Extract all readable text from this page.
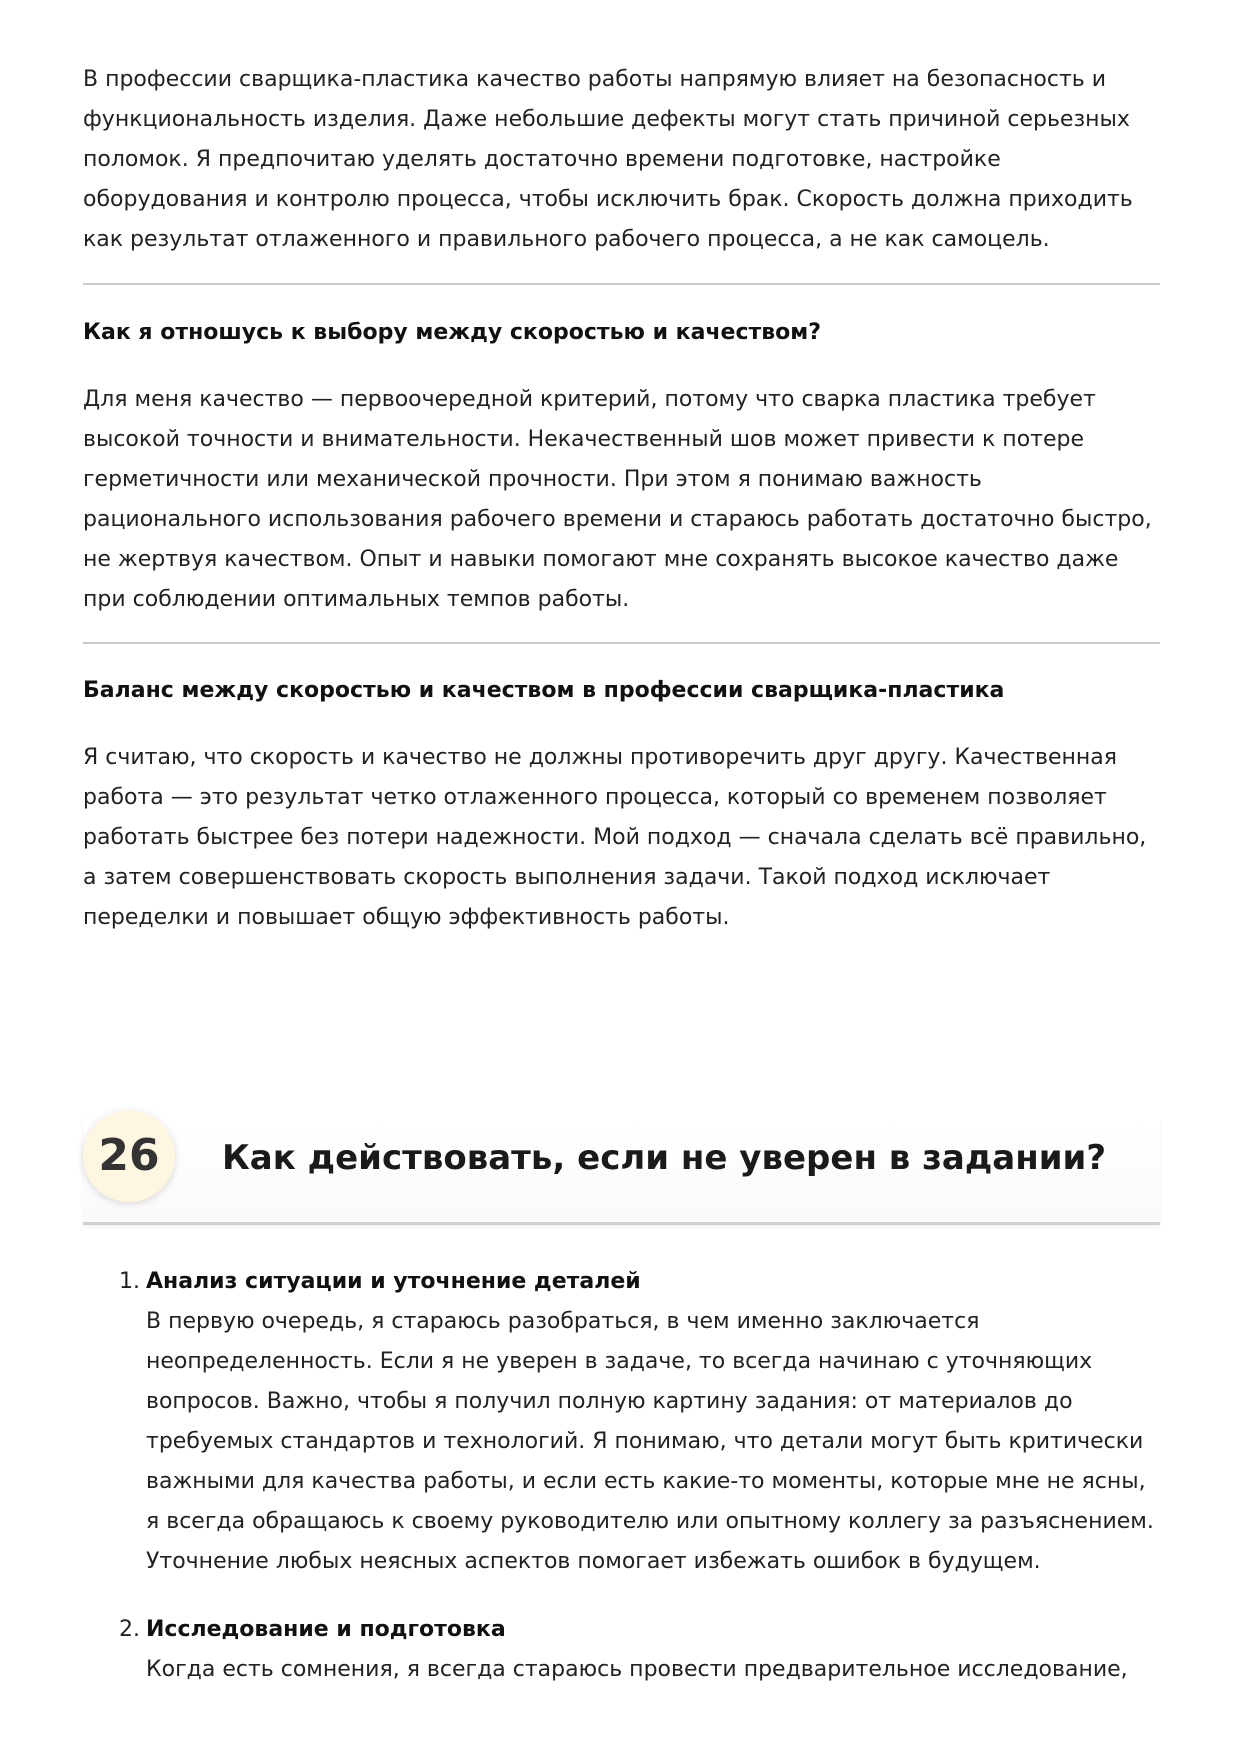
В профессии сварщика-пластика качество работы напрямую влияет на безопасность и функциональность изделия. Даже небольшие дефекты могут стать причиной серьезных поломок. Я предпочитаю уделять достаточно времени подготовке, настройке оборудования и контролю процесса, чтобы исключить брак. Скорость должна приходить как результат отлаженного и правильного рабочего процесса, а не как самоцель.

Как я отношусь к выбору между скоростью и качеством?

Для меня качество — первоочередной критерий, потому что сварка пластика требует высокой точности и внимательности. Некачественный шов может привести к потере герметичности или механической прочности. При этом я понимаю важность рационального использования рабочего времени и стараюсь работать достаточно быстро, не жертвуя качеством. Опыт и навыки помогают мне сохранять высокое качество даже при соблюдении оптимальных темпов работы.

Баланс между скоростью и качеством в профессии сварщика-пластика

Я считаю, что скорость и качество не должны противоречить друг другу. Качественная работа — это результат четко отлаженного процесса, который со временем позволяет работать быстрее без потери надежности. Мой подход — сначала сделать всё правильно, а затем совершенствовать скорость выполнения задачи. Такой подход исключает переделки и повышает общую эффективность работы.

26 Как действовать, если не уверен в задании?
1. Анализ ситуации и уточнение деталей
В первую очередь, я стараюсь разобраться, в чем именно заключается неопределенность. Если я не уверен в задаче, то всегда начинаю с уточняющих вопросов. Важно, чтобы я получил полную картину задания: от материалов до требуемых стандартов и технологий. Я понимаю, что детали могут быть критически важными для качества работы, и если есть какие-то моменты, которые мне не ясны, я всегда обращаюсь к своему руководителю или опытному коллегу за разъяснением. Уточнение любых неясных аспектов помогает избежать ошибок в будущем.
2. Исследование и подготовка
Когда есть сомнения, я всегда стараюсь провести предварительное исследование,
